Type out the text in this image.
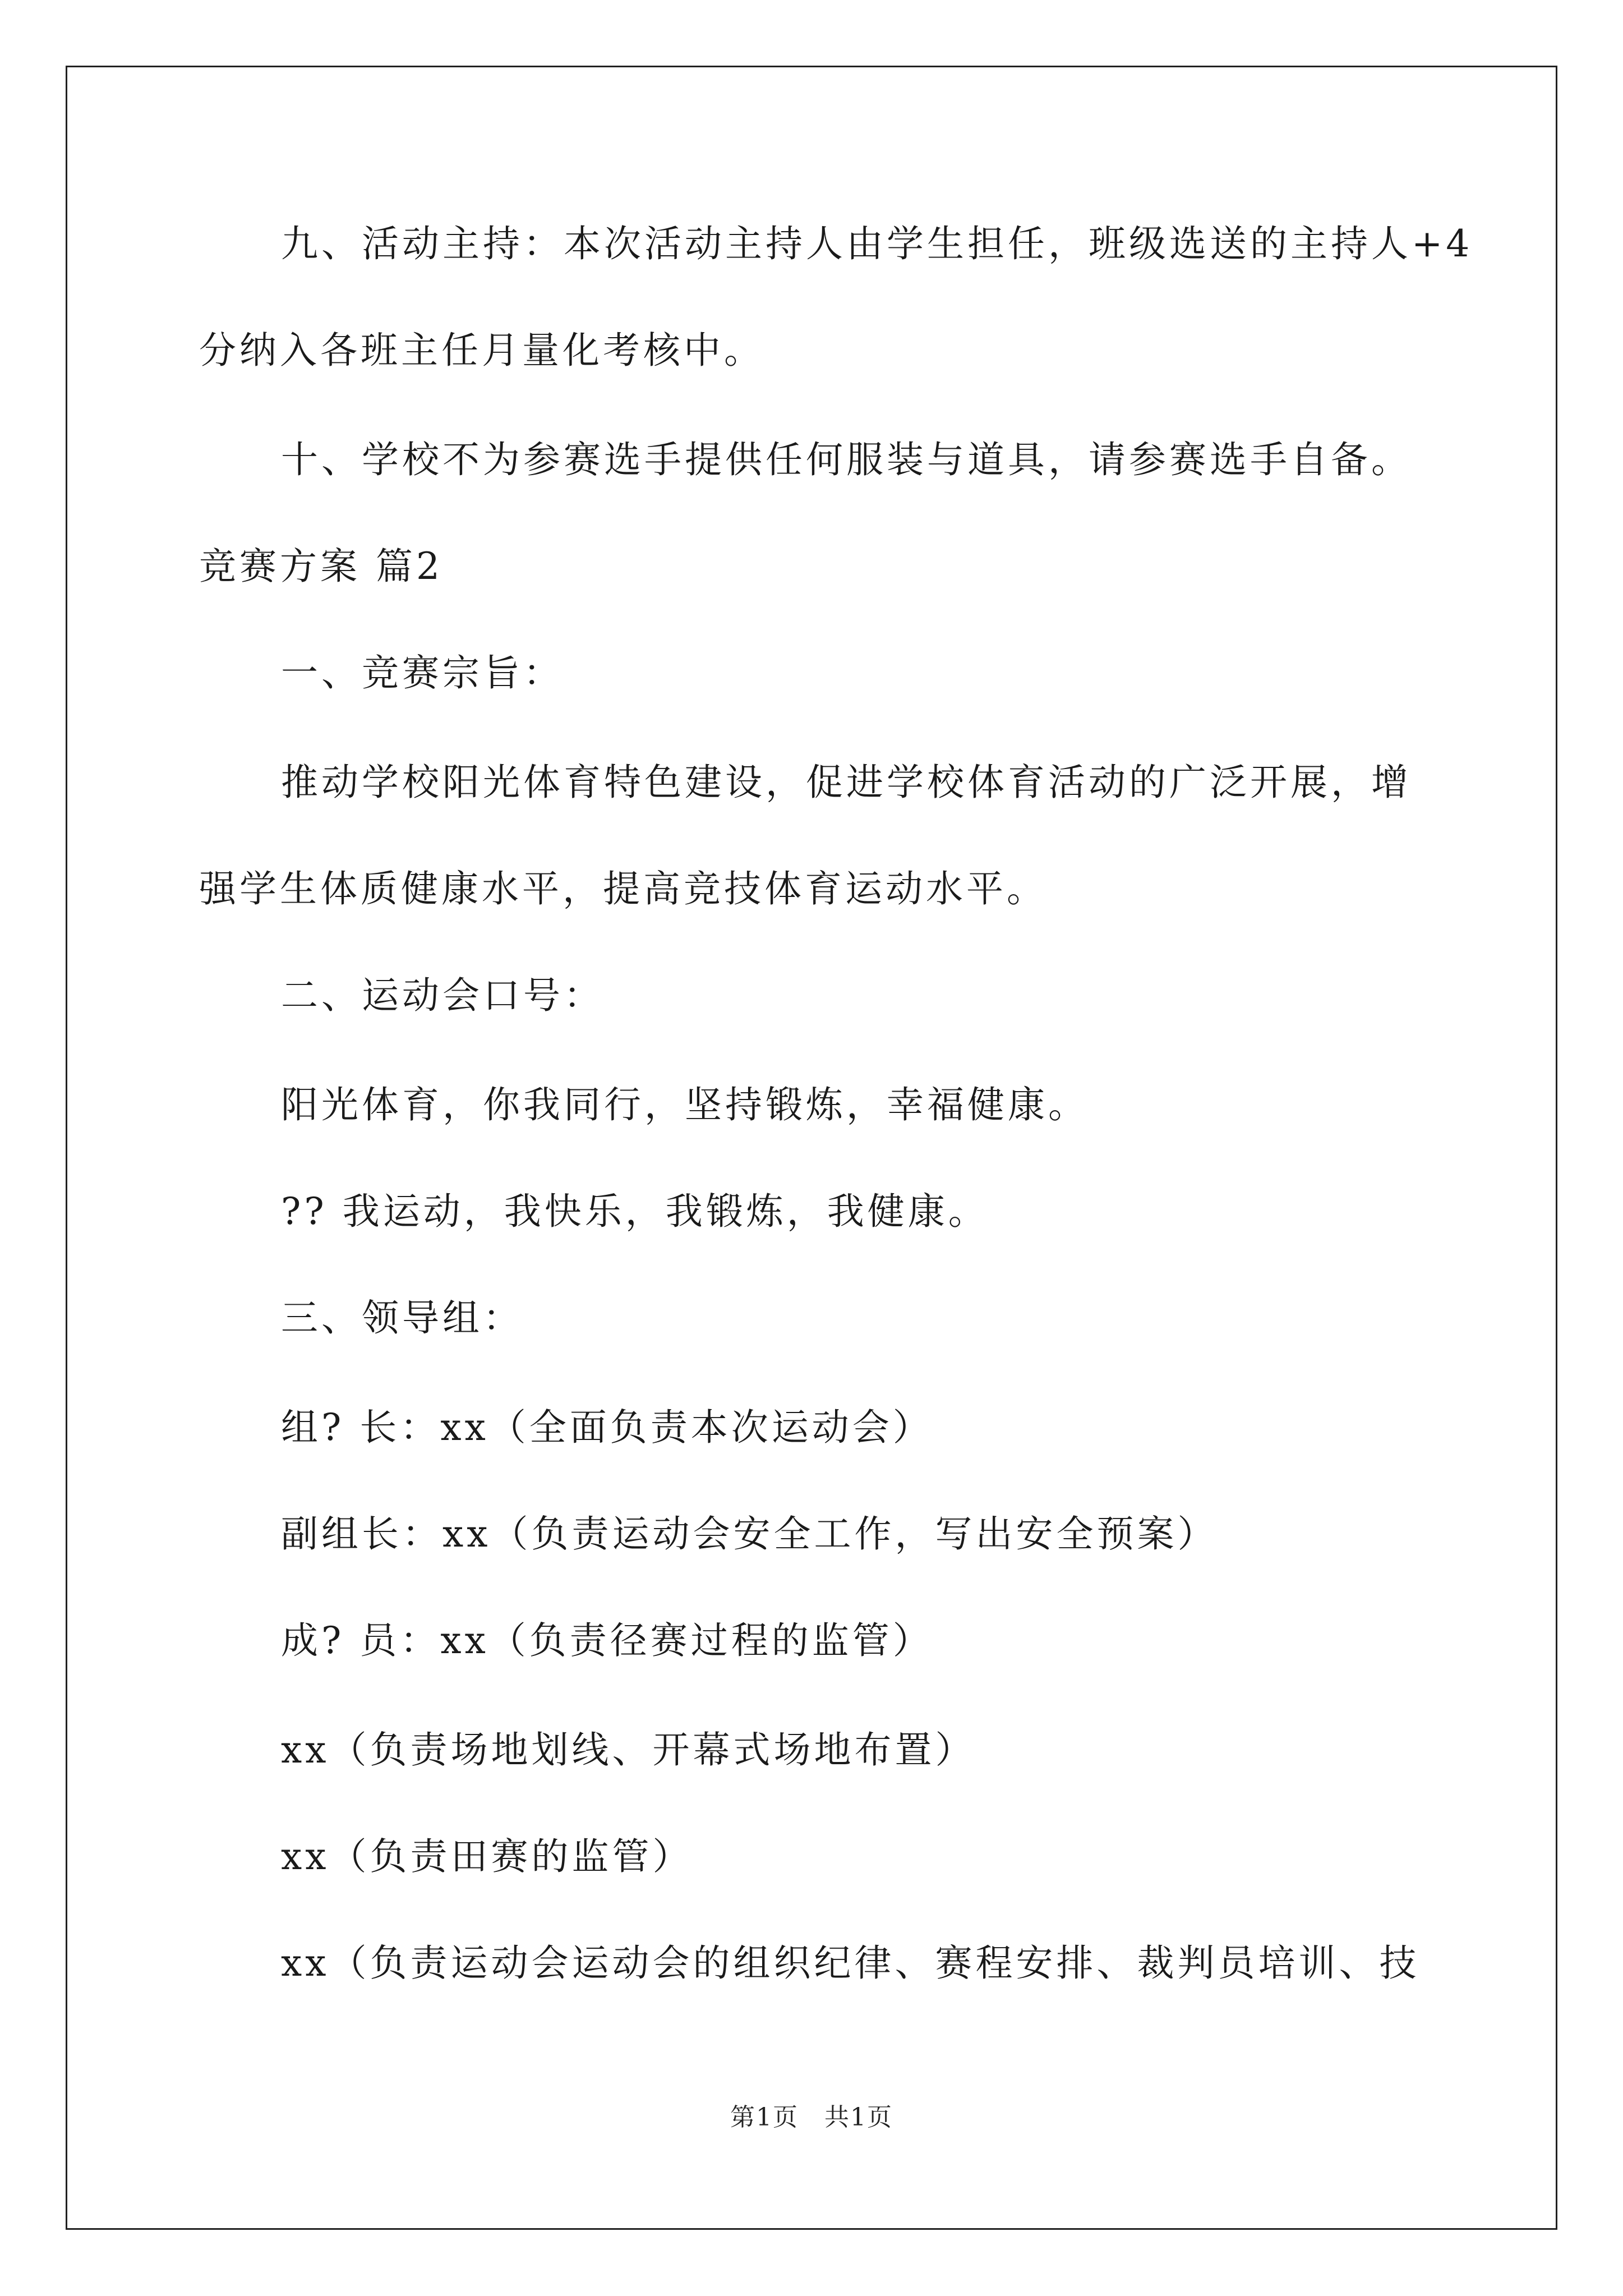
九、活动主持：本次活动主持人由学生担任，班级选送的主持人+4
分纳入各班主任月量化考核中。
十、学校不为参赛选手提供任何服装与道具，请参赛选手自备。
竞赛方案 篇2
一、竞赛宗旨：
推动学校阳光体育特色建设，促进学校体育活动的广泛开展，增
强学生体质健康水平，提高竞技体育运动水平。
二、运动会口号：
阳光体育，你我同行，坚持锻炼，幸福健康。
?? 我运动，我快乐，我锻炼，我健康。
三、领导组：
组? 长：xx（全面负责本次运动会）
副组长：xx（负责运动会安全工作，写出安全预案）
成? 员：xx（负责径赛过程的监管）
xx（负责场地划线、开幕式场地布置）
xx（负责田赛的监管）
xx（负责运动会运动会的组织纪律、赛程安排、裁判员培训、技
第1页　共1页
